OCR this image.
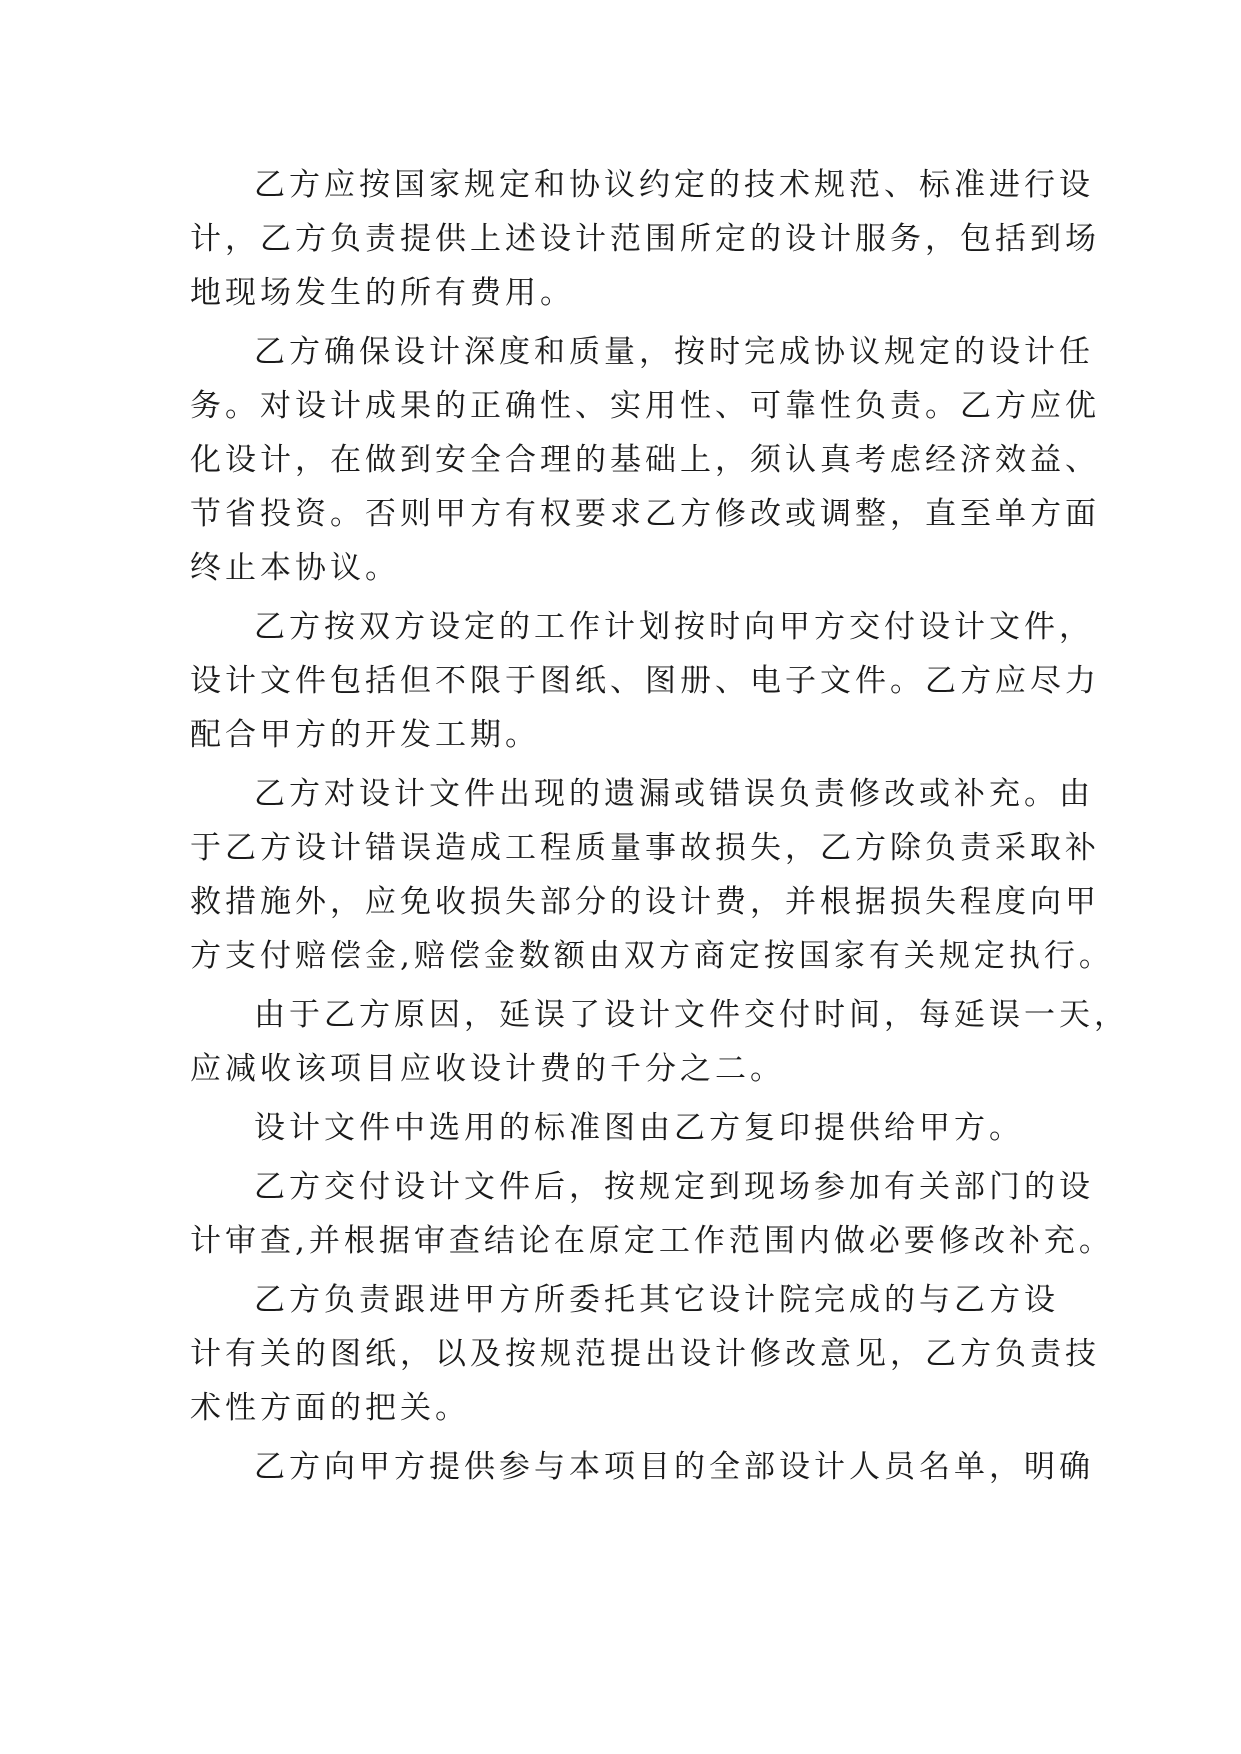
乙方应按国家规定和协议约定的技术规范、标准进行设
计，乙方负责提供上述设计范围所定的设计服务，包括到场
地现场发生的所有费用。
乙方确保设计深度和质量，按时完成协议规定的设计任
务。对设计成果的正确性、实用性、可靠性负责。乙方应优
化设计，在做到安全合理的基础上，须认真考虑经济效益、
节省投资。否则甲方有权要求乙方修改或调整，直至单方面
终止本协议。
乙方按双方设定的工作计划按时向甲方交付设计文件，
设计文件包括但不限于图纸、图册、电子文件。乙方应尽力
配合甲方的开发工期。
乙方对设计文件出现的遗漏或错误负责修改或补充。由
于乙方设计错误造成工程质量事故损失，乙方除负责采取补
救措施外，应免收损失部分的设计费，并根据损失程度向甲
方支付赔偿金,赔偿金数额由双方商定按国家有关规定执行。
由于乙方原因，延误了设计文件交付时间，每延误一天，
应减收该项目应收设计费的千分之二。
设计文件中选用的标准图由乙方复印提供给甲方。
乙方交付设计文件后，按规定到现场参加有关部门的设
计审查,并根据审查结论在原定工作范围内做必要修改补充。
乙方负责跟进甲方所委托其它设计院完成的与乙方设
计有关的图纸，以及按规范提出设计修改意见，乙方负责技
术性方面的把关。
乙方向甲方提供参与本项目的全部设计人员名单，明确
